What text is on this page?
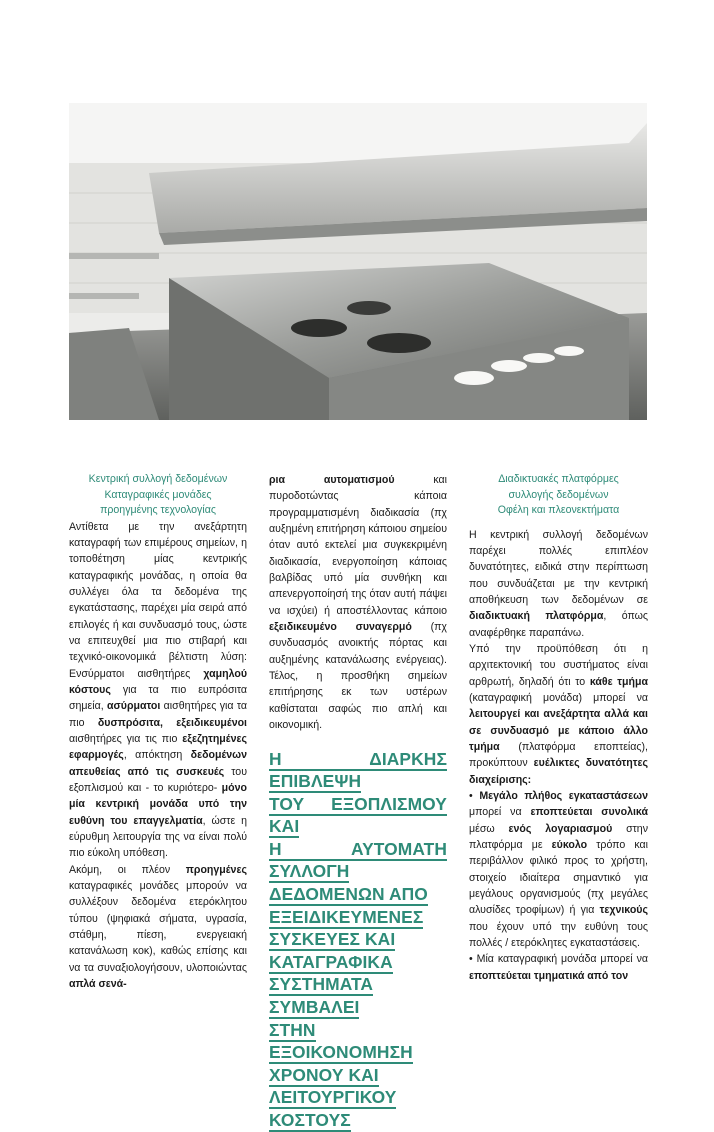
Κεντρική συλλογή δεδομένων
Καταγραφικές μονάδες
προηγμένης τεχνολογίας

Αντίθετα με την ανεξάρτητη καταγραφή των επιμέρους σημείων, η τοποθέτηση μίας κεντρικής καταγραφικής μονάδας, η οποία θα συλλέγει όλα τα δεδομένα της εγκατάστασης, παρέχει μία σειρά από επιλογές ή και συνδυασμό τους, ώστε να επιτευχθεί μια πιο στιβαρή και τεχνικό-οικονομικά βέλτιστη λύση: Ενσύρματοι αισθητήρες χαμηλού κόστους για τα πιο ευπρόσιτα σημεία, ασύρματοι αισθητήρες για τα πιο δυσπρόσιτα, εξειδικευμένοι αισθητήρες για τις πιο εξεζητημένες εφαρμογές, απόκτηση δεδομένων απευθείας από τις συσκευές του εξοπλισμού και - το κυριότερο- μόνο μία κεντρική μονάδα υπό την ευθύνη του επαγγελματία, ώστε η εύρυθμη λειτουργία της να είναι πολύ πιο εύκολη υπόθεση.

Ακόμη, οι πλέον προηγμένες καταγραφικές μονάδες μπορούν να συλλέξουν δεδομένα ετερόκλητου τύπου (ψηφιακά σήματα, υγρασία, στάθμη, πίεση, ενεργειακή κατανάλωση κοκ), καθώς επίσης και να τα συναξιολογήσουν, υλοποιώντας απλά σενά-

ρια αυτοματισμού και πυροδοτώντας κάποια προγραμματισμένη διαδικασία (πχ αυξημένη επιτήρηση κάποιου σημείου όταν αυτό εκτελεί μια συγκεκριμένη διαδικασία, ενεργοποίηση κάποιας βαλβίδας υπό μία συνθήκη και απενεργοποίησή της όταν αυτή πάψει να ισχύει) ή αποστέλλοντας κάποιο εξειδικευμένο συναγερμό (πχ συνδυασμός ανοικτής πόρτας και αυξημένης κατανάλωσης ενέργειας). Τέλος, η προσθήκη σημείων επιτήρησης εκ των υστέρων καθίσταται σαφώς πιο απλή και οικονομική.

Η ΔΙΑΡΚΗΣ ΕΠΙΒΛΕΨΗ
ΤΟΥ ΕΞΟΠΛΙΣΜΟΥ ΚΑΙ
Η ΑΥΤΟΜΑΤΗ ΣΥΛΛΟΓΗ
ΔΕΔΟΜΕΝΩΝ ΑΠΟ
ΕΞΕΙΔΙΚΕΥΜΕΝΕΣ
ΣΥΣΚΕΥΕΣ ΚΑΙ
ΚΑΤΑΓΡΑΦΙΚΑ
ΣΥΣΤΗΜΑΤΑ ΣΥΜΒΑΛΕΙ
ΣΤΗΝ ΕΞΟΙΚΟΝΟΜΗΣΗ
ΧΡΟΝΟΥ ΚΑΙ
ΛΕΙΤΟΥΡΓΙΚΟΥ ΚΟΣΤΟΥΣ
Διαδικτυακές πλατφόρμες
συλλογής δεδομένων
Οφέλη και πλεονεκτήματα

Η κεντρική συλλογή δεδομένων παρέχει πολλές επιπλέον δυνατότητες, ειδικά στην περίπτωση που συνδυάζεται με την κεντρική αποθήκευση των δεδομένων σε διαδικτυακή πλατφόρμα, όπως αναφέρθηκε παραπάνω.

Υπό την προϋπόθεση ότι η αρχιτεκτονική του συστήματος είναι αρθρωτή, δηλαδή ότι το κάθε τμήμα (καταγραφική μονάδα) μπορεί να λειτουργεί και ανεξάρτητα αλλά και σε συνδυασμό με κάποιο άλλο τμήμα (πλατφόρμα εποπτείας), προκύπτουν ευέλικτες δυνατότητες διαχείρισης:

• Μεγάλο πλήθος εγκαταστάσεων μπορεί να εποπτεύεται συνολικά μέσω ενός λογαριασμού στην πλατφόρμα με εύκολο τρόπο και περιβάλλον φιλικό προς το χρήστη, στοιχείο ιδιαίτερα σημαντικό για μεγάλους οργανισμούς (πχ μεγάλες αλυσίδες τροφίμων) ή για τεχνικούς που έχουν υπό την ευθύνη τους πολλές / ετερόκλητες εγκαταστάσεις.

• Μία καταγραφική μονάδα μπορεί να εποπτεύεται τμηματικά από τον
